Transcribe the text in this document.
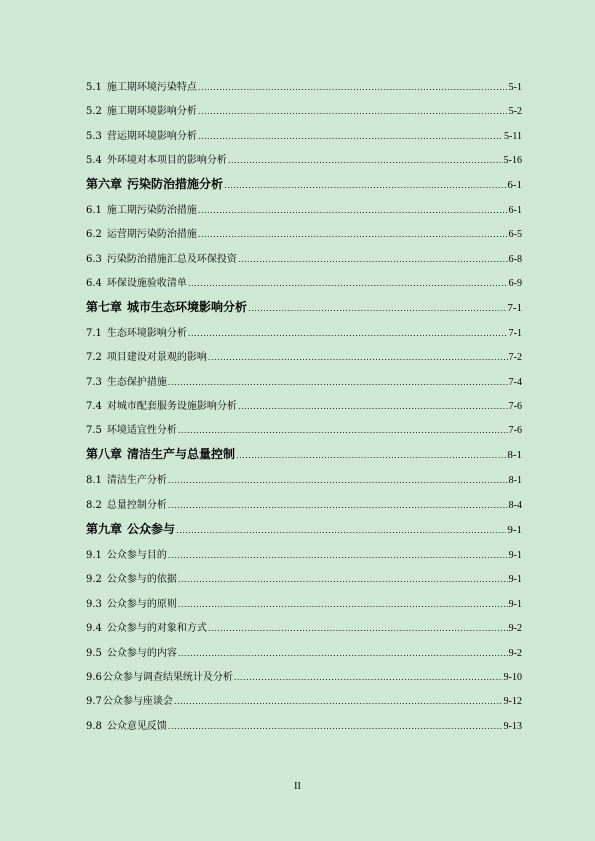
5.1 施工期环境污染特点 .....	5-1
5.2 施工期环境影响分析 .....	5-2
5.3 营运期环境影响分析 .....	5-11
5.4 外环境对本项目的影响分析 .....	5-16
第六章 污染防治措施分析 .....	6-1
6.1 施工期污染防治措施 .....	6-1
6.2 运营期污染防治措施 .....	6-5
6.3 污染防治措施汇总及环保投资 .....	6-8
6.4 环保设施验收清单 .....	6-9
第七章 城市生态环境影响分析 .....	7-1
7.1 生态环境影响分析 .....	7-1
7.2 项目建设对景观的影响 .....	7-2
7.3 生态保护措施 .....	7-4
7.4 对城市配套服务设施影响分析 .....	7-6
7.5 环境适宜性分析 .....	7-6
第八章 清洁生产与总量控制 .....	8-1
8.1 清洁生产分析 .....	8-1
8.2 总量控制分析 .....	8-4
第九章 公众参与 .....	9-1
9.1 公众参与目的 .....	9-1
9.2 公众参与的依据 .....	9-1
9.3 公众参与的原则 .....	9-1
9.4 公众参与的对象和方式 .....	9-2
9.5 公众参与的内容 .....	9-2
9.6 公众参与调查结果统计及分析 .....	9-10
9.7 公众参与座谈会 .....	9-12
9.8 公众意见反馈 .....	9-13
II
